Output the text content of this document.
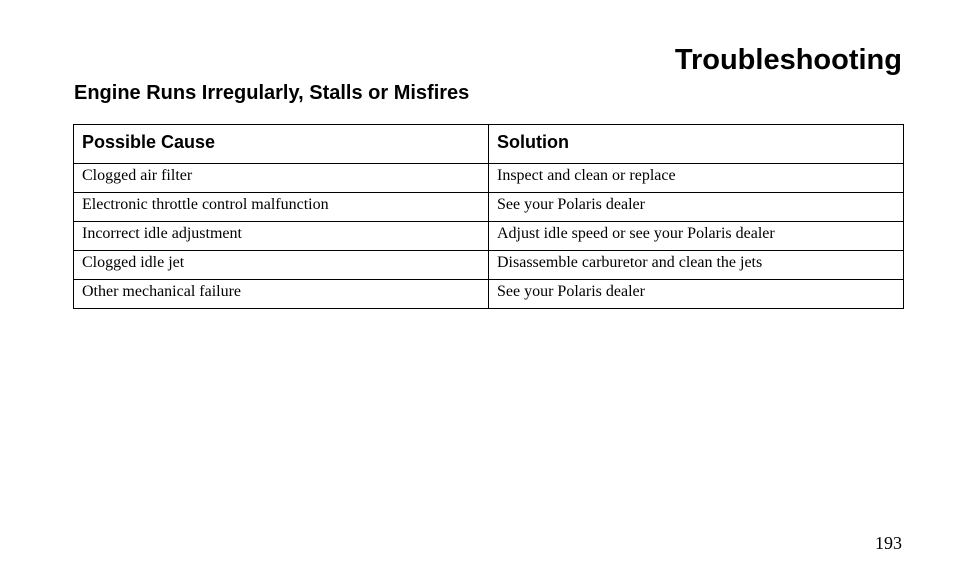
Troubleshooting
Engine Runs Irregularly, Stalls or Misfires
Possible Cause	Solution
Clogged air filter	Inspect and clean or replace
Electronic throttle control malfunction	See your Polaris dealer
Incorrect idle adjustment	Adjust idle speed or see your Polaris dealer
Clogged idle jet	Disassemble carburetor and clean the jets
Other mechanical failure	See your Polaris dealer
193
